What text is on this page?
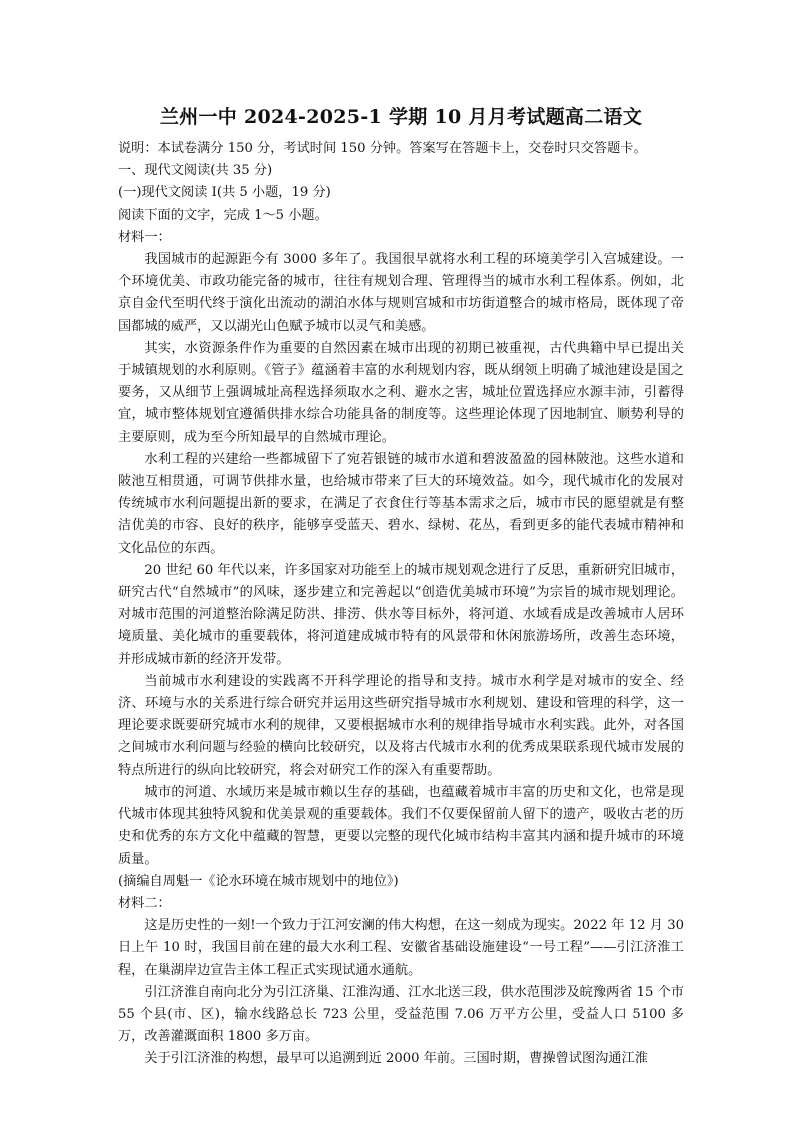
兰州一中 2024-2025-1 学期 10 月月考试题高二语文

说明：本试卷满分 150 分，考试时间 150 分钟。答案写在答题卡上，交卷时只交答题卡。

一、现代文阅读(共 35 分)

(一)现代文阅读 Ⅰ(共 5 小题，19 分)

阅读下面的文字，完成 1～5 小题。

材料一：

我国城市的起源距今有 3000 多年了。我国很早就将水利工程的环境美学引入宫城建设。一个环境优美、市政功能完备的城市，往往有规划合理、管理得当的城市水利工程体系。例如，北京自金代至明代终于演化出流动的湖泊水体与规则宫城和市坊街道整合的城市格局，既体现了帝国都城的威严，又以湖光山色赋予城市以灵气和美感。

其实，水资源条件作为重要的自然因素在城市出现的初期已被重视，古代典籍中早已提出关于城镇规划的水利原则。《管子》蕴涵着丰富的水利规划内容，既从纲领上明确了城池建设是国之要务，又从细节上强调城址高程选择须取水之利、避水之害，城址位置选择应水源丰沛，引蓄得宜，城市整体规划宜遵循供排水综合功能具备的制度等。这些理论体现了因地制宜、顺势利导的主要原则，成为至今所知最早的自然城市理论。

水利工程的兴建给一些都城留下了宛若银链的城市水道和碧波盈盈的园林陂池。这些水道和陂池互相贯通，可调节供排水量，也给城市带来了巨大的环境效益。如今，现代城市化的发展对传统城市水利问题提出新的要求，在满足了衣食住行等基本需求之后，城市市民的愿望就是有整洁优美的市容、良好的秩序，能够享受蓝天、碧水、绿树、花丛，看到更多的能代表城市精神和文化品位的东西。

20 世纪 60 年代以来，许多国家对功能至上的城市规划观念进行了反思，重新研究旧城市，研究古代“自然城市”的风味，逐步建立和完善起以“创造优美城市环境”为宗旨的城市规划理论。对城市范围的河道整治除满足防洪、排涝、供水等目标外，将河道、水域看成是改善城市人居环境质量、美化城市的重要载体，将河道建成城市特有的风景带和休闲旅游场所，改善生态环境，并形成城市新的经济开发带。

当前城市水利建设的实践离不开科学理论的指导和支持。城市水利学是对城市的安全、经济、环境与水的关系进行综合研究并运用这些研究指导城市水利规划、建设和管理的科学，这一理论要求既要研究城市水利的规律，又要根据城市水利的规律指导城市水利实践。此外，对各国之间城市水利问题与经验的横向比较研究，以及将古代城市水利的优秀成果联系现代城市发展的特点所进行的纵向比较研究，将会对研究工作的深入有重要帮助。

城市的河道、水域历来是城市赖以生存的基础，也蕴藏着城市丰富的历史和文化，也常是现代城市体现其独特风貌和优美景观的重要载体。我们不仅要保留前人留下的遗产，吸收古老的历史和优秀的东方文化中蕴藏的智慧，更要以完整的现代化城市结构丰富其内涵和提升城市的环境质量。

(摘编自周魁一《论水环境在城市规划中的地位》)

材料二：

这是历史性的一刻!一个致力于江河安澜的伟大构想，在这一刻成为现实。2022 年 12 月 30 日上午 10 时，我国目前在建的最大水利工程、安徽省基础设施建设“一号工程”——引江济淮工程，在巢湖岸边宣告主体工程正式实现试通水通航。

引江济淮自南向北分为引江济巢、江淮沟通、江水北送三段，供水范围涉及皖豫两省 15 个市 55 个县(市、区)，输水线路总长 723 公里，受益范围 7.06 万平方公里，受益人口 5100 多万，改善灌溉面积 1800 多万亩。

关于引江济淮的构想，最早可以追溯到近 2000 年前。三国时期，曹操曾试图沟通江淮
